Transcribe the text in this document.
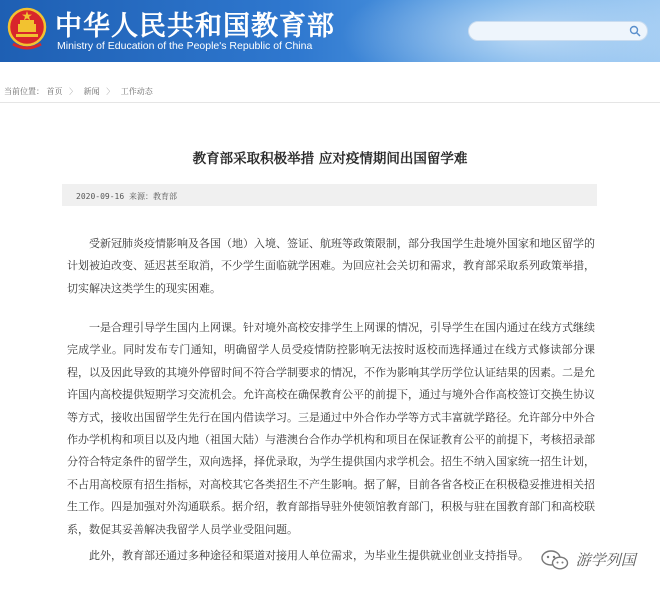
中华人民共和国教育部
Ministry of Education of the People's Republic of China
当前位置： 首页 〉 新闻 〉 工作动态
教育部采取积极举措 应对疫情期间出国留学难
2020-09-16 来源：教育部

受新冠肺炎疫情影响及各国（地）入境、签证、航班等政策限制，部分我国学生赴境外国家和地区留学的计划被迫改变、延迟甚至取消，不少学生面临就学困难。为回应社会关切和需求，教育部采取系列政策举措，切实解决这类学生的现实困难。

一是合理引导学生国内上网课。针对境外高校安排学生上网课的情况，引导学生在国内通过在线方式继续完成学业。同时发布专门通知，明确留学人员受疫情防控影响无法按时返校而选择通过在线方式修读部分课程，以及因此导致的其境外停留时间不符合学制要求的情况，不作为影响其学历学位认证结果的因素。二是允许国内高校提供短期学习交流机会。允许高校在确保教育公平的前提下，通过与境外合作高校签订交换生协议等方式，接收出国留学生先行在国内借读学习。三是通过中外合作办学等方式丰富就学路径。允许部分中外合作办学机构和项目以及内地（祖国大陆）与港澳台合作办学机构和项目在保证教育公平的前提下，考核招录部分符合特定条件的留学生，双向选择，择优录取，为学生提供国内求学机会。招生不纳入国家统一招生计划，不占用高校原有招生指标，对高校其它各类招生不产生影响。据了解，目前各省各校正在积极稳妥推进相关招生工作。四是加强对外沟通联系。据介绍，教育部指导驻外使领馆教育部门，积极与驻在国教育部门和高校联系，数促其妥善解决我留学人员学业受阻问题。

此外，教育部还通过多种途径和渠道对接用人单位需求，为毕业生提供就业创业支持指导。	游学列国
